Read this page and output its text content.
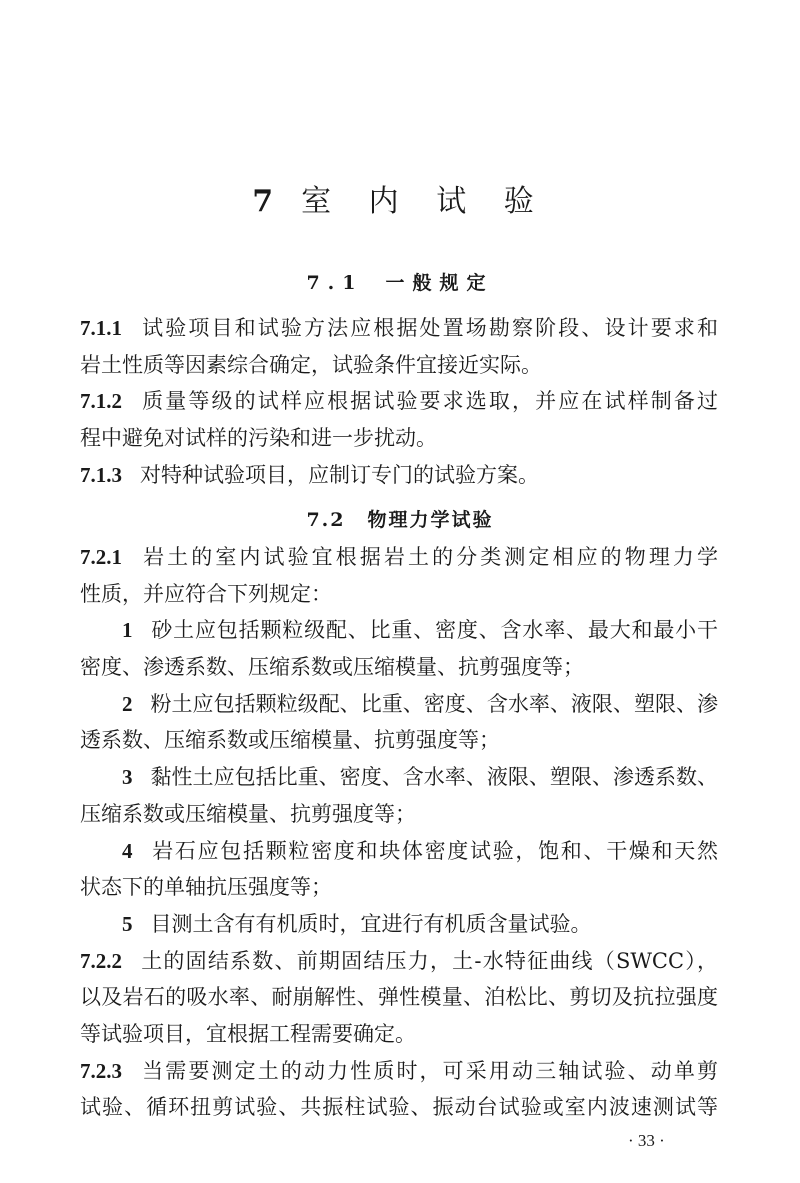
7 室 内 试 验
7.1 一般规定
7.1.1 试验项目和试验方法应根据处置场勘察阶段、设计要求和
岩土性质等因素综合确定，试验条件宜接近实际。
7.1.2 质量等级的试样应根据试验要求选取，并应在试样制备过
程中避免对试样的污染和进一步扰动。
7.1.3 对特种试验项目，应制订专门的试验方案。
7.2 物理力学试验
7.2.1 岩土的室内试验宜根据岩土的分类测定相应的物理力学
性质，并应符合下列规定：
1 砂土应包括颗粒级配、比重、密度、含水率、最大和最小干
密度、渗透系数、压缩系数或压缩模量、抗剪强度等；
2 粉土应包括颗粒级配、比重、密度、含水率、液限、塑限、渗
透系数、压缩系数或压缩模量、抗剪强度等；
3 黏性土应包括比重、密度、含水率、液限、塑限、渗透系数、
压缩系数或压缩模量、抗剪强度等；
4 岩石应包括颗粒密度和块体密度试验，饱和、干燥和天然
状态下的单轴抗压强度等；
5 目测土含有有机质时，宜进行有机质含量试验。
7.2.2 土的固结系数、前期固结压力，土-水特征曲线（SWCC），
以及岩石的吸水率、耐崩解性、弹性模量、泊松比、剪切及抗拉强度
等试验项目，宜根据工程需要确定。
7.2.3 当需要测定土的动力性质时，可采用动三轴试验、动单剪
试验、循环扭剪试验、共振柱试验、振动台试验或室内波速测试等
· 33 ·
